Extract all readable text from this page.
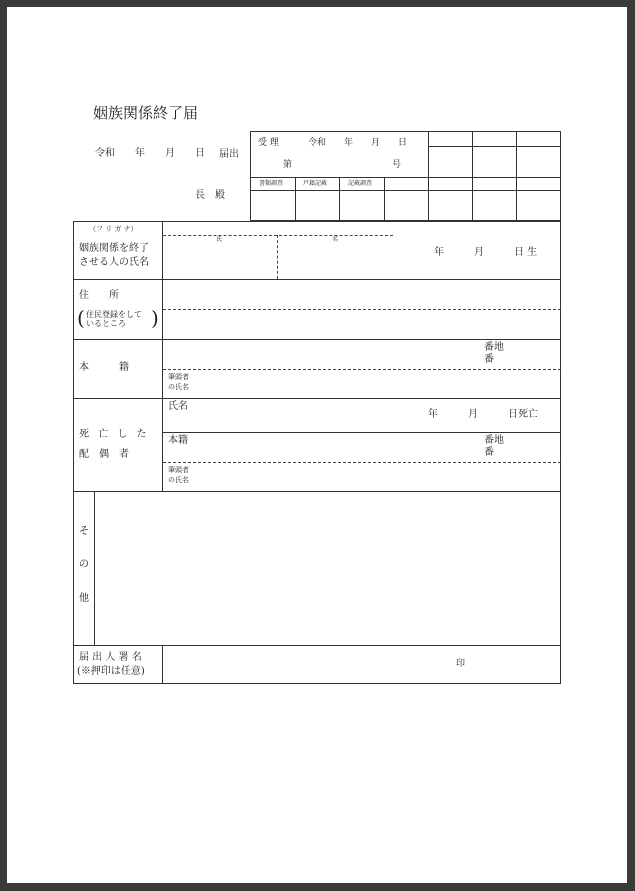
姻族関係終了届
令和　　年　　月　　日 届出
長　殿
受 理	令和　　年　　月　　日
第	号
書類調査	戸籍記載	記載調査
（フ リ ガ ナ）
姻族関係を終了
させる人の氏名
氏	名
年　　　月　　　日 生
住　　所
( 住民登録をして
いるところ )
本　　　籍
番地
番
筆頭者
の氏名
死 亡 し た
配　偶　者
氏名
年　　　月　　　日死亡
本籍	番地
番
筆頭者
の氏名
そ
の
他
届 出 人 署 名
(※押印は任意)
印
